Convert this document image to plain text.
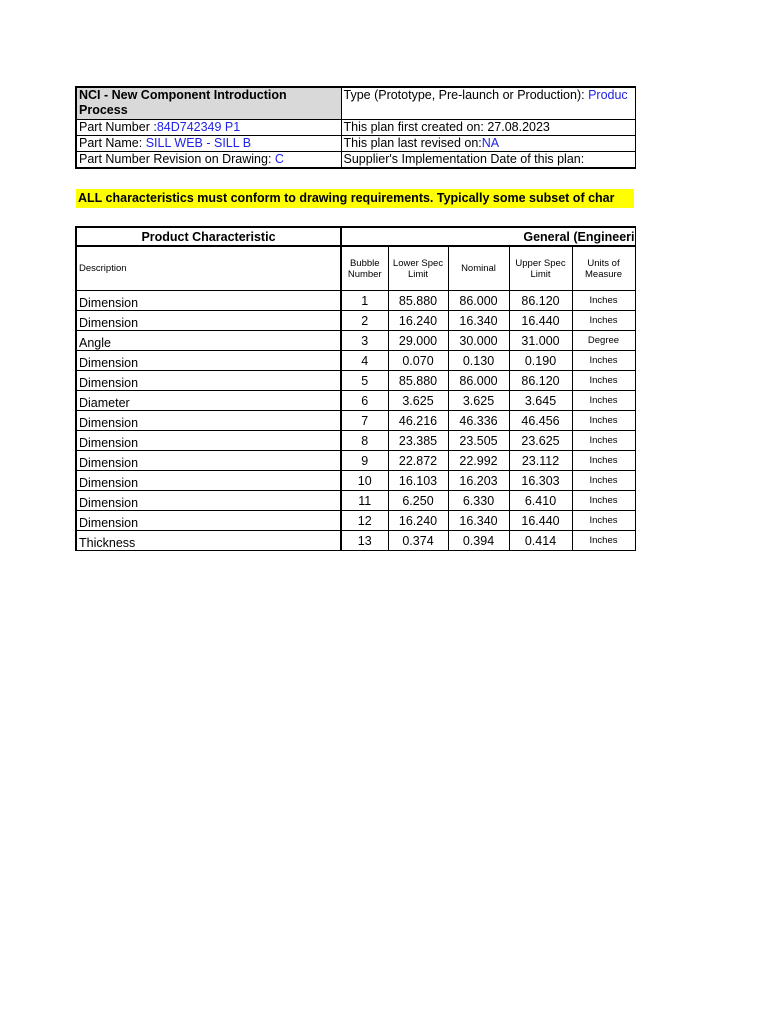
NCI - New Component Introduction Process	Type (Prototype, Pre-launch or Production): Produc
Part Number :84D742349 P1	This plan first created on: 27.08.2023
Part Name: SILL WEB - SILL B	This plan last revised on:NA
Part Number Revision on Drawing: C	Supplier's Implementation Date of this plan:
ALL characteristics must conform to drawing requirements. Typically some subset of char
Product Characteristic	General (Engineeri				
Description	Bubble Number	Lower Spec Limit	Nominal	Upper Spec Limit	Units of Measure
Dimension	1	85.880	86.000	86.120	Inches
Dimension	2	16.240	16.340	16.440	Inches
Angle	3	29.000	30.000	31.000	Degree
Dimension	4	0.070	0.130	0.190	Inches
Dimension	5	85.880	86.000	86.120	Inches
Diameter	6	3.625	3.625	3.645	Inches
Dimension	7	46.216	46.336	46.456	Inches
Dimension	8	23.385	23.505	23.625	Inches
Dimension	9	22.872	22.992	23.112	Inches
Dimension	10	16.103	16.203	16.303	Inches
Dimension	11	6.250	6.330	6.410	Inches
Dimension	12	16.240	16.340	16.440	Inches
Thickness	13	0.374	0.394	0.414	Inches
